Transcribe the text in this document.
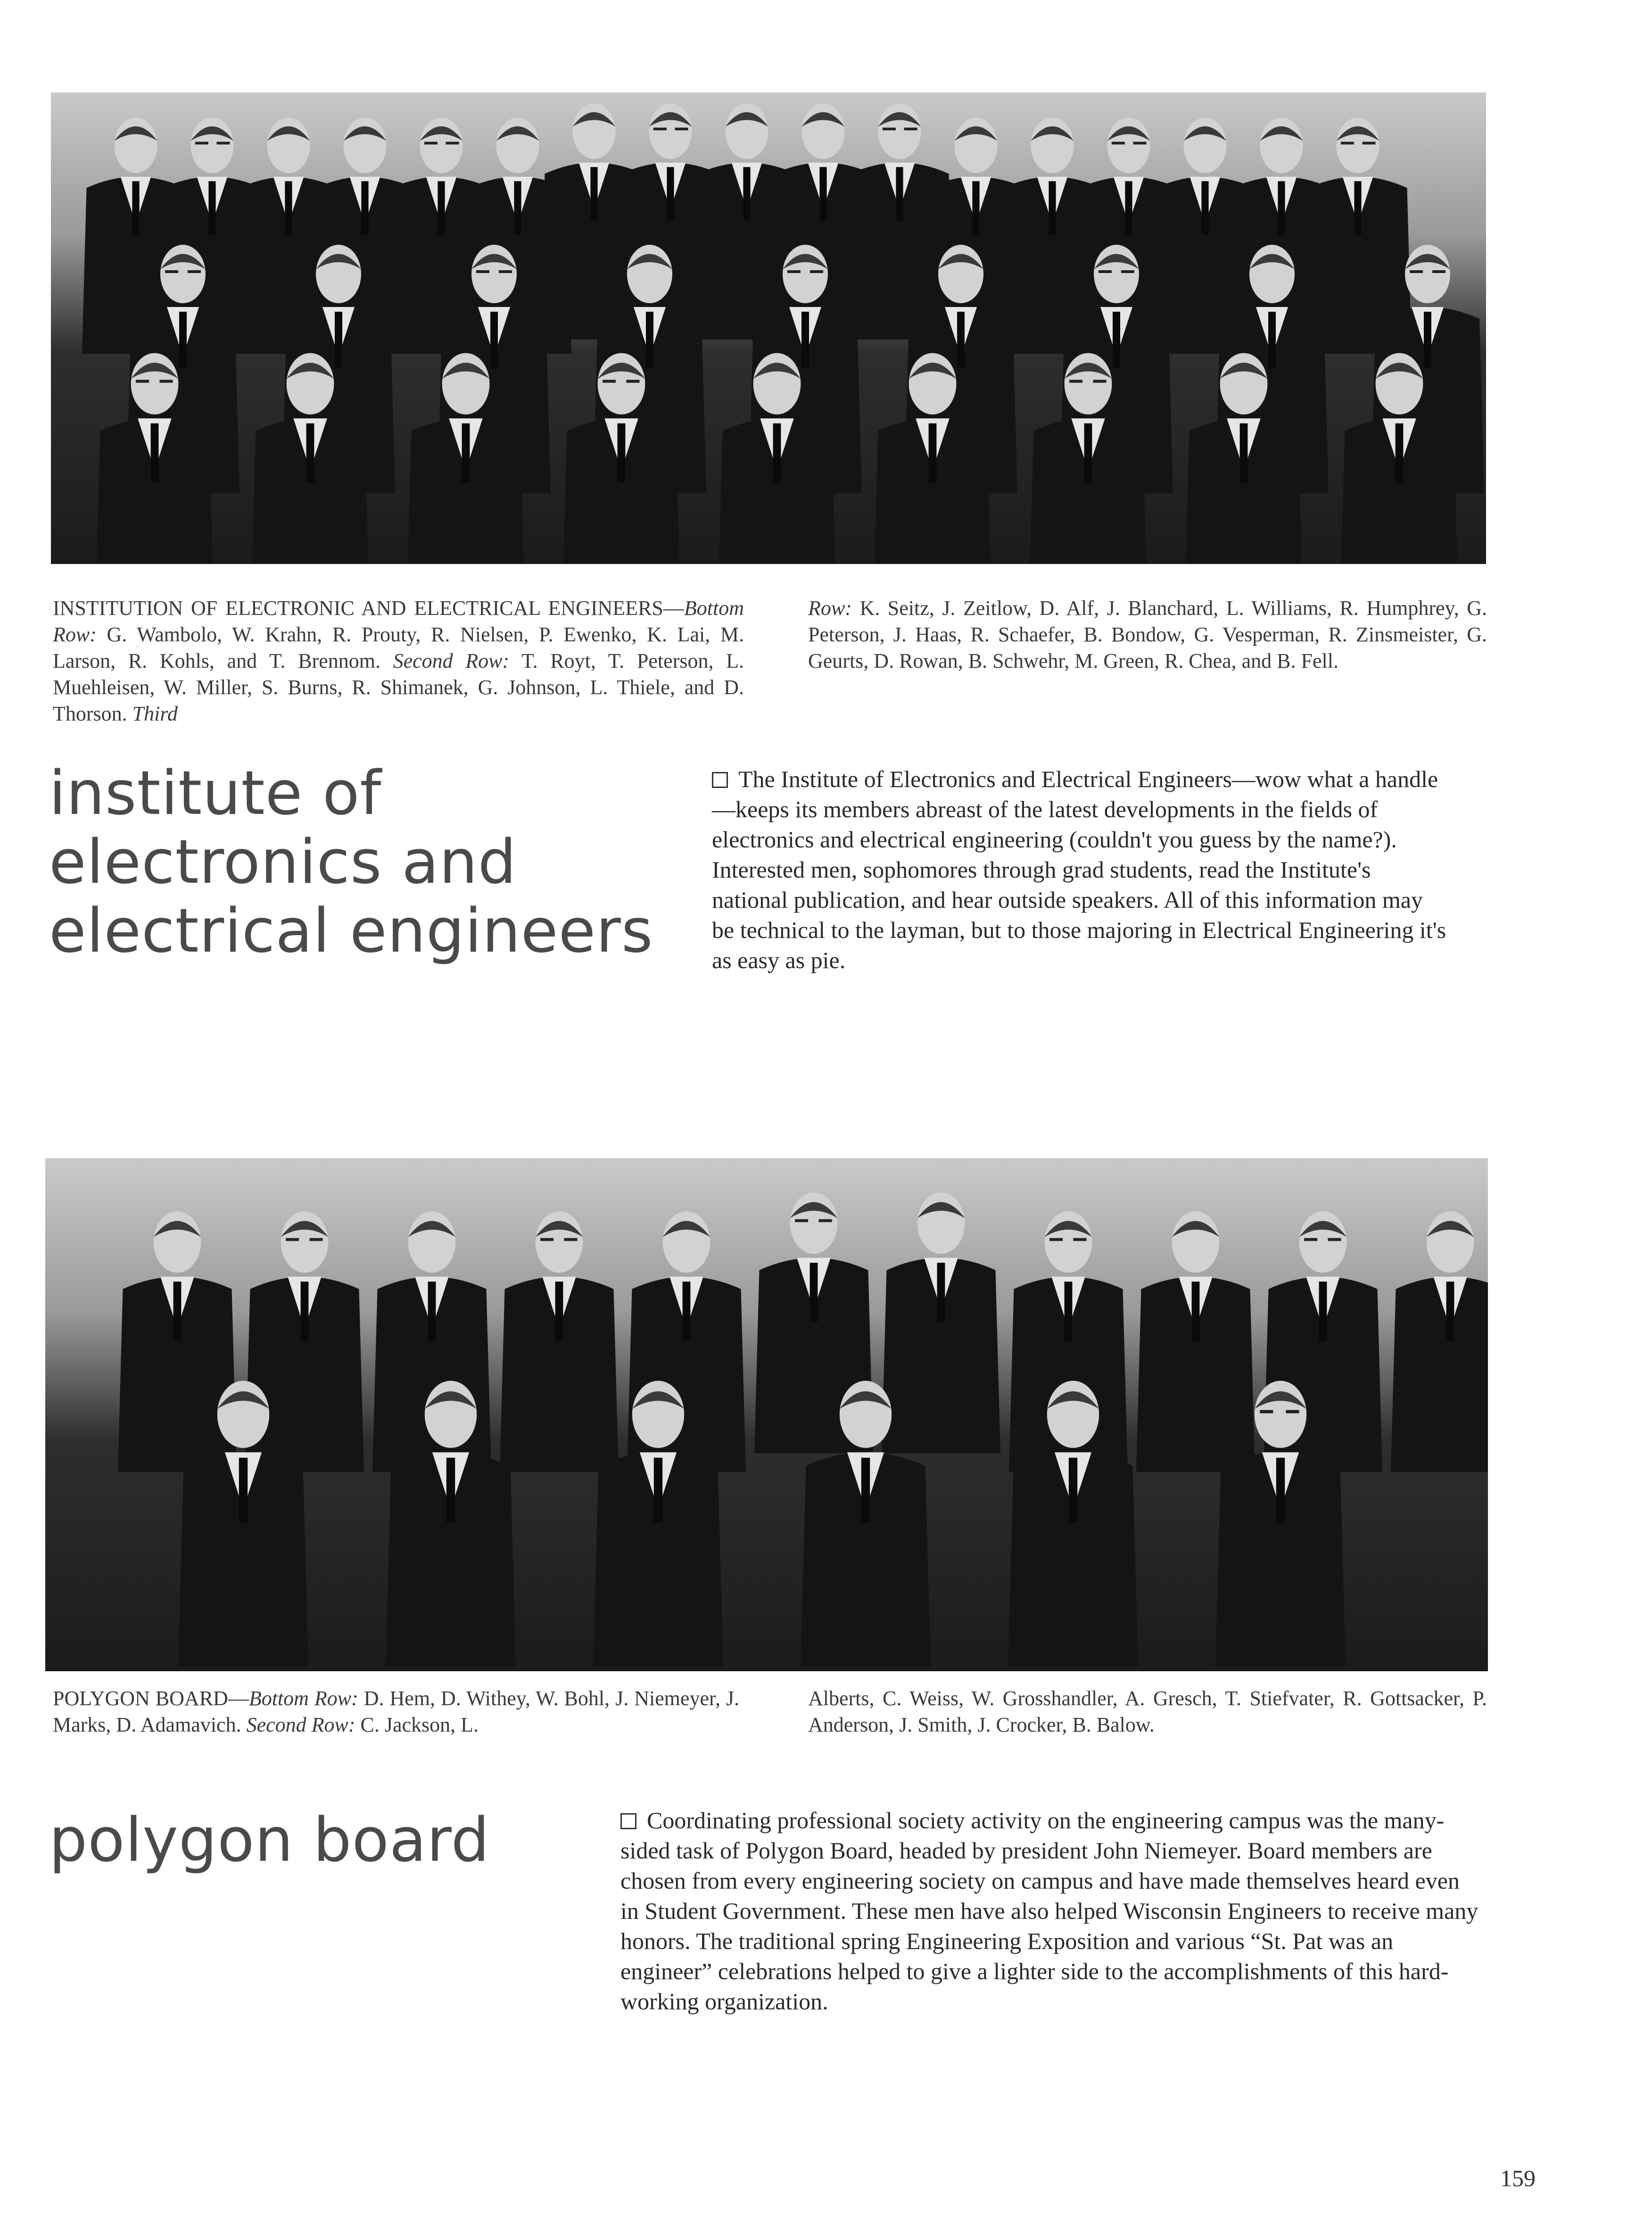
INSTITUTION OF ELECTRONIC AND ELECTRICAL ENGINEERS—Bottom Row: G. Wambolo, W. Krahn, R. Prouty, R. Nielsen, P. Ewenko, K. Lai, M. Larson, R. Kohls, and T. Brennom. Second Row: T. Royt, T. Peterson, L. Muehleisen, W. Miller, S. Burns, R. Shimanek, G. Johnson, L. Thiele, and D. Thorson. Third

Row: K. Seitz, J. Zeitlow, D. Alf, J. Blanchard, L. Williams, R. Humphrey, G. Peterson, J. Haas, R. Schaefer, B. Bondow, G. Vesperman, R. Zinsmeister, G. Geurts, D. Rowan, B. Schwehr, M. Green, R. Chea, and B. Fell.

institute of
electronics and
electrical engineers

The Institute of Electronics and Electrical Engineers—wow what a handle—keeps its members abreast of the latest developments in the fields of electronics and electrical engineering (couldn't you guess by the name?). Interested men, sophomores through grad students, read the Institute's national publication, and hear outside speakers. All of this information may be technical to the layman, but to those majoring in Electrical Engineering it's as easy as pie.

POLYGON BOARD—Bottom Row: D. Hem, D. Withey, W. Bohl, J. Niemeyer, J. Marks, D. Adamavich. Second Row: C. Jackson, L.

Alberts, C. Weiss, W. Grosshandler, A. Gresch, T. Stiefvater, R. Gottsacker, P. Anderson, J. Smith, J. Crocker, B. Balow.

polygon board	Coordinating professional society activity on the engineering campus was the many-sided task of Polygon Board, headed by president John Niemeyer. Board members are chosen from every engineering society on campus and have made themselves heard even in Student Government. These men have also helped Wisconsin Engineers to receive many honors. The traditional spring Engineering Exposition and various “St. Pat was an engineer” celebrations helped to give a lighter side to the accomplishments of this hard-working organization.

159
